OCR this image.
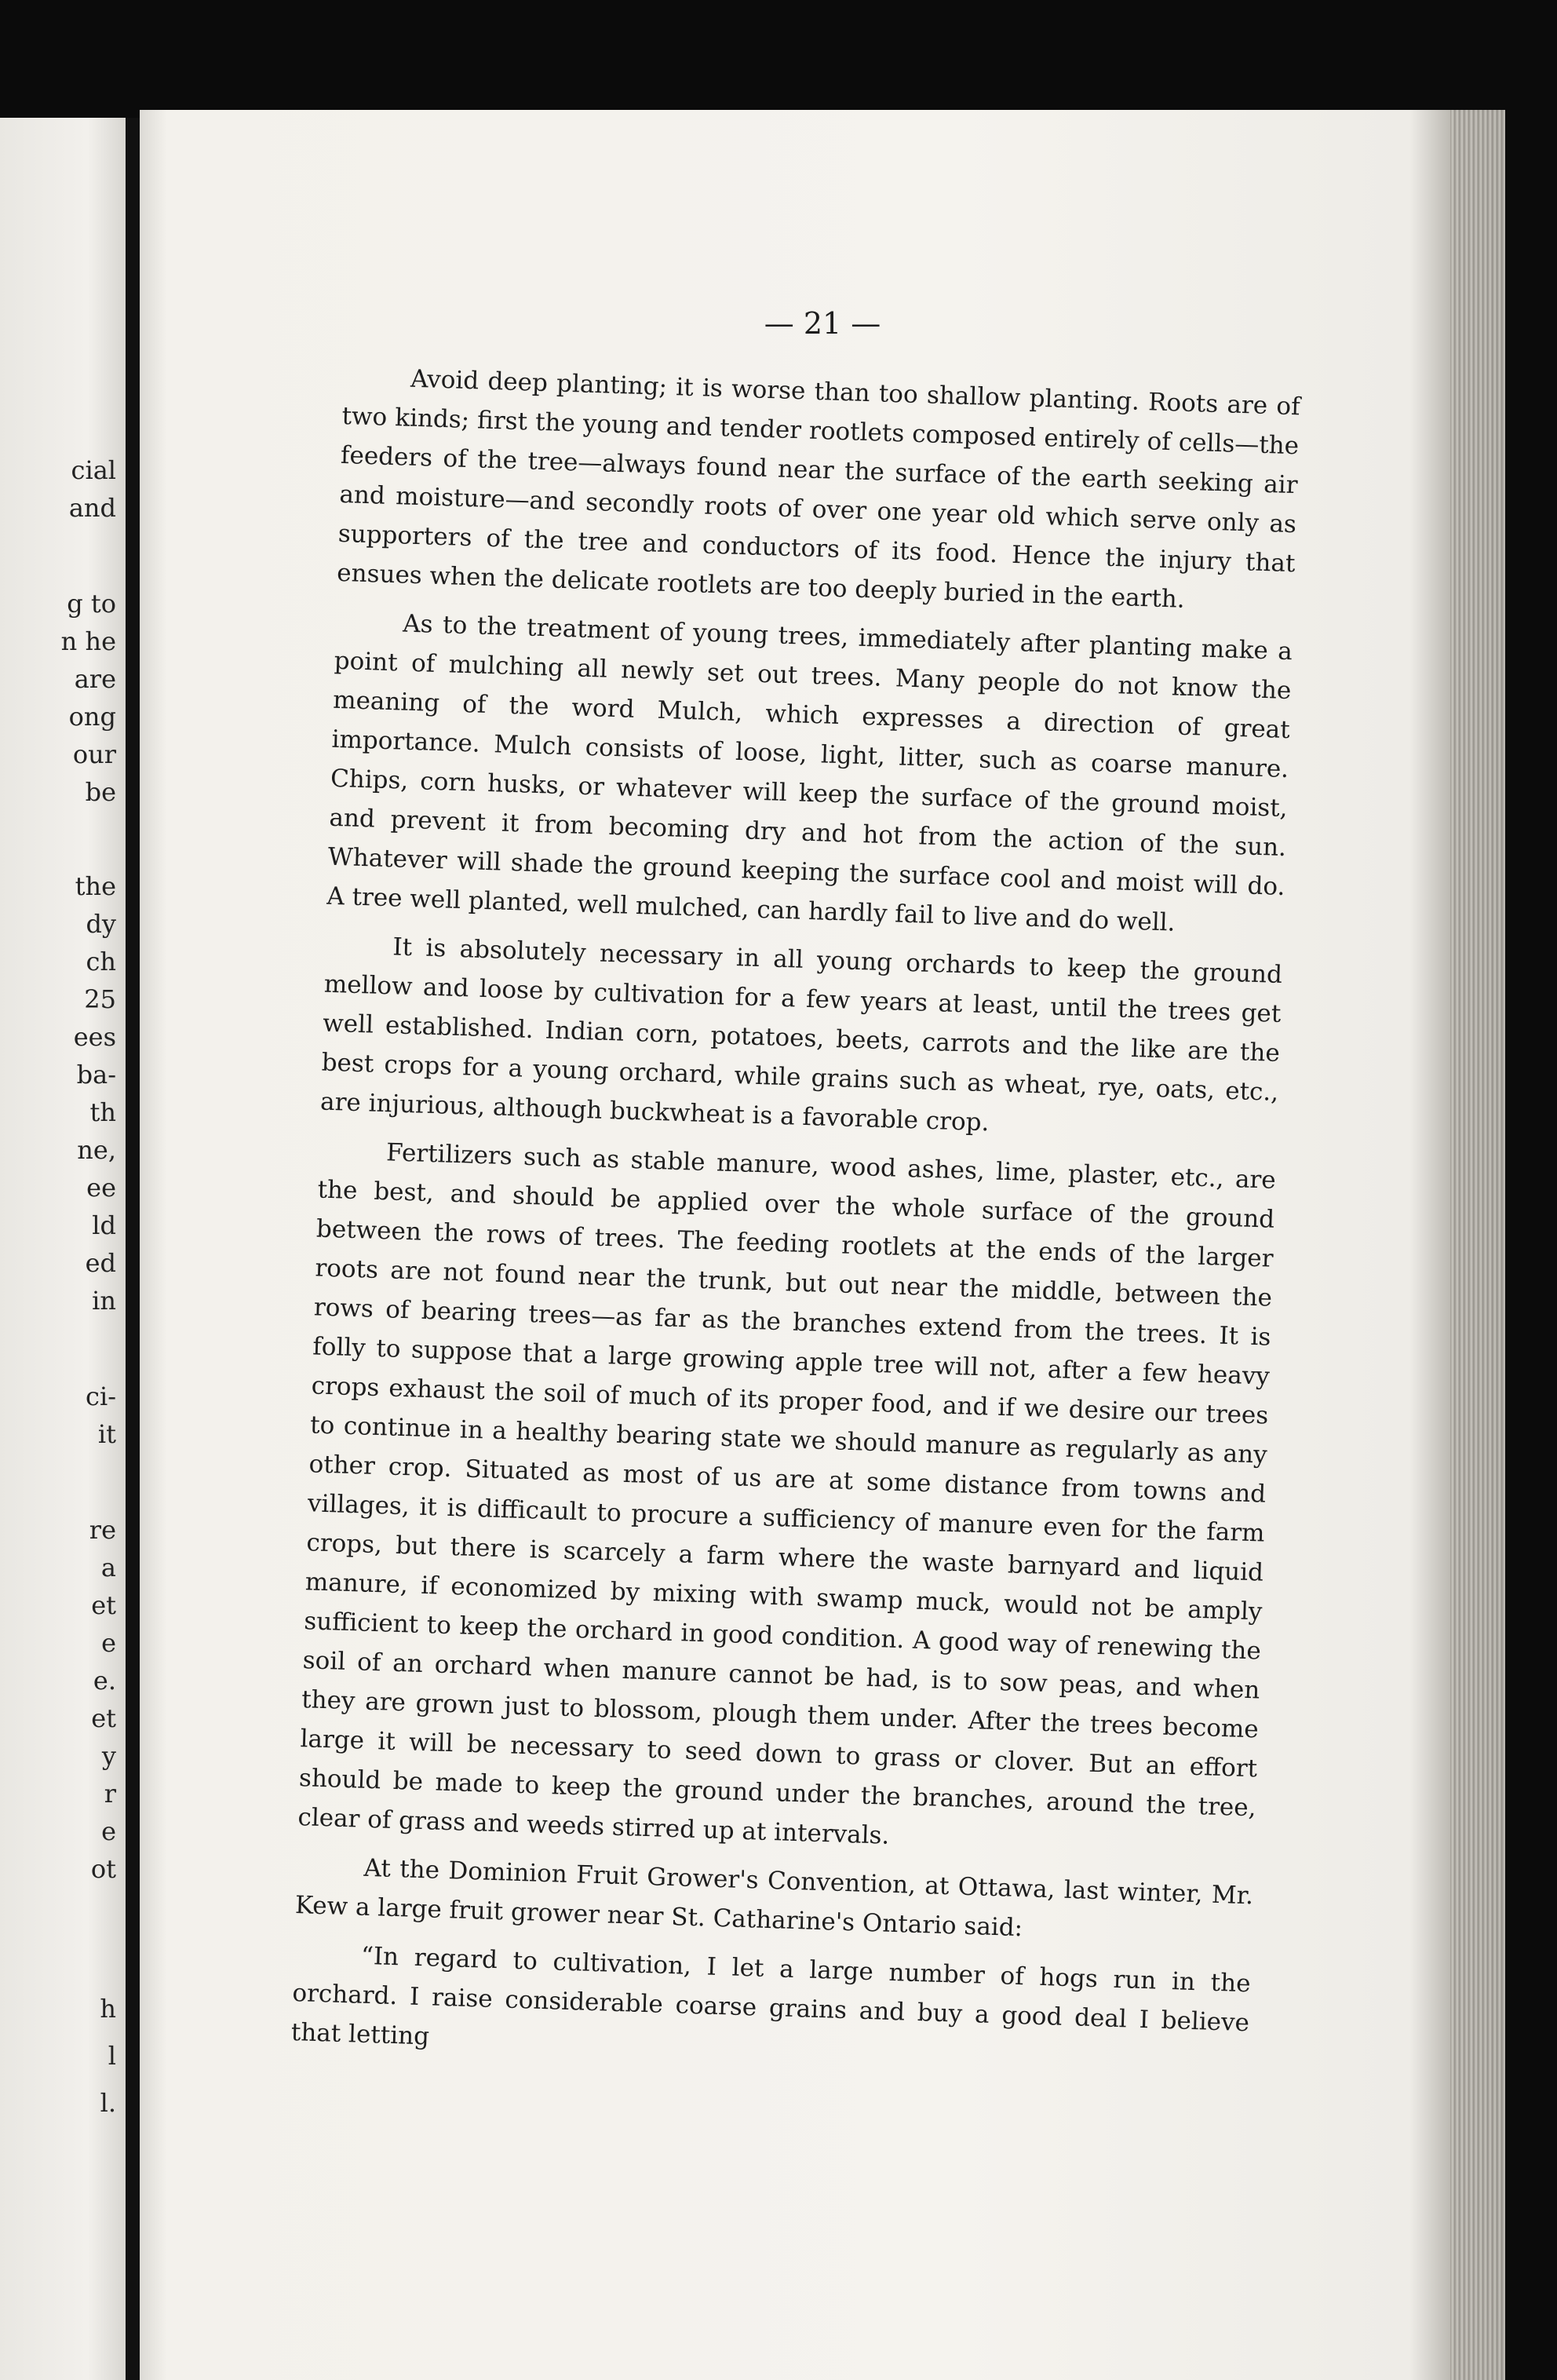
cial
and
g to
n he
are
ong
our
be
the
dy
ch
25
ees
ba-
th
ne,
ee
ld
ed
in
ci-
it
re
a
et
e
e.
et
y
r
e
ot
h
l
l.

— 21 —

Avoid deep planting; it is worse than too shallow planting. Roots are of two kinds; first the young and tender rootlets composed entirely of cells—the feeders of the tree—always found near the surface of the earth seeking air and moisture—and secondly roots of over one year old which serve only as supporters of the tree and conductors of its food. Hence the injury that ensues when the delicate rootlets are too deeply buried in the earth.

As to the treatment of young trees, immediately after planting make a point of mulching all newly set out trees. Many people do not know the meaning of the word Mulch, which expresses a direction of great importance. Mulch consists of loose, light, litter, such as coarse manure. Chips, corn husks, or whatever will keep the surface of the ground moist, and prevent it from becoming dry and hot from the action of the sun. Whatever will shade the ground keeping the surface cool and moist will do. A tree well planted, well mulched, can hardly fail to live and do well.

It is absolutely necessary in all young orchards to keep the ground mellow and loose by cultivation for a few years at least, until the trees get well established. Indian corn, potatoes, beets, carrots and the like are the best crops for a young orchard, while grains such as wheat, rye, oats, etc., are injurious, although buckwheat is a favorable crop.

Fertilizers such as stable manure, wood ashes, lime, plaster, etc., are the best, and should be applied over the whole surface of the ground between the rows of trees. The feeding rootlets at the ends of the larger roots are not found near the trunk, but out near the middle, between the rows of bearing trees—as far as the branches extend from the trees. It is folly to suppose that a large growing apple tree will not, after a few heavy crops exhaust the soil of much of its proper food, and if we desire our trees to continue in a healthy bearing state we should manure as regularly as any other crop. Situated as most of us are at some distance from towns and villages, it is difficault to procure a sufficiency of manure even for the farm crops, but there is scarcely a farm where the waste barnyard and liquid manure, if economized by mixing with swamp muck, would not be amply sufficient to keep the orchard in good condition. A good way of renewing the soil of an orchard when manure cannot be had, is to sow peas, and when they are grown just to blossom, plough them under. After the trees become large it will be necessary to seed down to grass or clover. But an effort should be made to keep the ground under the branches, around the tree, clear of grass and weeds stirred up at intervals.

At the Dominion Fruit Grower's Convention, at Ottawa, last winter, Mr. Kew a large fruit grower near St. Catharine's Ontario said:

“In regard to cultivation, I let a large number of hogs run in the orchard. I raise considerable coarse grains and buy a good deal I believe that letting
